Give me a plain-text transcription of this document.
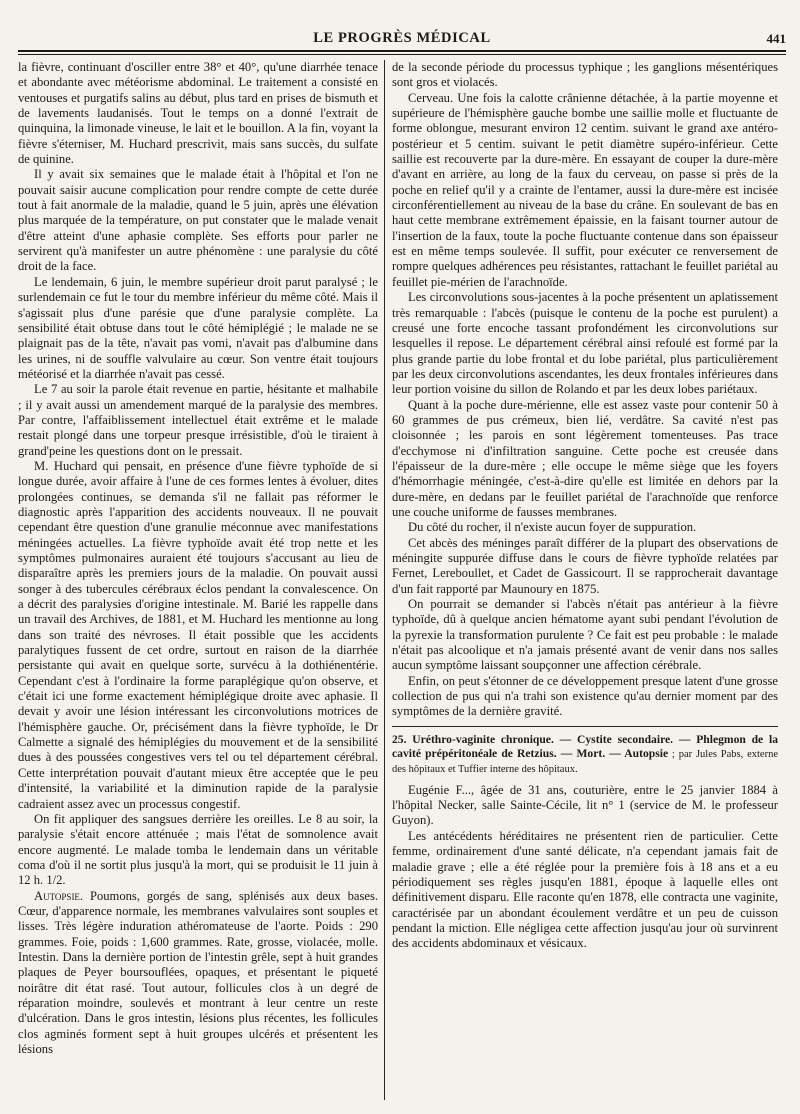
LE PROGRÈS MÉDICAL	441

la fièvre, continuant d'osciller entre 38° et 40°, qu'une diarrhée tenace et abondante avec météorisme abdominal. Le traitement a consisté en ventouses et purgatifs salins au début, plus tard en prises de bismuth et de lavements laudanisés. Tout le temps on a donné l'extrait de quinquina, la limonade vineuse, le lait et le bouillon. A la fin, voyant la fièvre s'éterniser, M. Huchard prescrivit, mais sans succès, du sulfate de quinine.

Il y avait six semaines que le malade était à l'hôpital et l'on ne pouvait saisir aucune complication pour rendre compte de cette durée tout à fait anormale de la maladie, quand le 5 juin, après une élévation plus marquée de la température, on put constater que le malade venait d'être atteint d'une aphasie complète. Ses efforts pour parler ne servirent qu'à manifester un autre phénomène : une paralysie du côté droit de la face.

Le lendemain, 6 juin, le membre supérieur droit parut paralysé ; le surlendemain ce fut le tour du membre inférieur du même côté. Mais il s'agissait plus d'une parésie que d'une paralysie complète. La sensibilité était obtuse dans tout le côté hémiplégié ; le malade ne se plaignait pas de la tête, n'avait pas vomi, n'avait pas d'albumine dans les urines, ni de souffle valvulaire au cœur. Son ventre était toujours météorisé et la diarrhée n'avait pas cessé.

Le 7 au soir la parole était revenue en partie, hésitante et malhabile ; il y avait aussi un amendement marqué de la paralysie des membres. Par contre, l'affaiblissement intellectuel était extrême et le malade restait plongé dans une torpeur presque irrésistible, d'où le tiraient à grand'peine les questions dont on le pressait.

M. Huchard qui pensait, en présence d'une fièvre typhoïde de si longue durée, avoir affaire à l'une de ces formes lentes à évoluer, dites prolongées continues, se demanda s'il ne fallait pas réformer le diagnostic après l'apparition des accidents nouveaux. Il ne pouvait cependant être question d'une granulie méconnue avec manifestations méningées actuelles. La fièvre typhoïde avait été trop nette et les symptômes pulmonaires auraient été toujours s'accusant au lieu de disparaître après les premiers jours de la maladie. On pouvait aussi songer à des tubercules cérébraux éclos pendant la convalescence. On a décrit des paralysies d'origine intestinale. M. Barié les rappelle dans un travail des Archives, de 1881, et M. Huchard les mentionne au long dans son traité des névroses. Il était possible que les accidents paralytiques fussent de cet ordre, surtout en raison de la diarrhée persistante qui avait en quelque sorte, survécu à la dothiénentérie. Cependant c'est à l'ordinaire la forme paraplégique qu'on observe, et c'était ici une forme exactement hémiplégique droite avec aphasie. Il devait y avoir une lésion intéressant les circonvolutions motrices de l'hémisphère gauche. Or, précisément dans la fièvre typhoïde, le Dr Calmette a signalé des hémiplégies du mouvement et de la sensibilité dues à des poussées congestives vers tel ou tel département cérébral. Cette interprétation pouvait d'autant mieux être acceptée que le peu d'intensité, la variabilité et la diminution rapide de la paralysie cadraient assez avec un processus congestif.

On fit appliquer des sangsues derrière les oreilles. Le 8 au soir, la paralysie s'était encore atténuée ; mais l'état de somnolence avait encore augmenté. Le malade tomba le lendemain dans un véritable coma d'où il ne sortit plus jusqu'à la mort, qui se produisit le 11 juin à 12 h. 1/2.

Autopsie. Poumons, gorgés de sang, splénisés aux deux bases. Cœur, d'apparence normale, les membranes valvulaires sont souples et lisses. Très légère induration athéromateuse de l'aorte. Poids : 290 grammes. Foie, poids : 1,600 grammes. Rate, grosse, violacée, molle. Intestin. Dans la dernière portion de l'intestin grêle, sept à huit grandes plaques de Peyer boursouflées, opaques, et présentant le piqueté noirâtre dit état rasé. Tout autour, follicules clos à un degré de réparation moindre, soulevés et montrant à leur centre un reste d'ulcération. Dans le gros intestin, lésions plus récentes, les follicules clos agminés forment sept à huit groupes ulcérés et présentent les lésions

de la seconde période du processus typhique ; les ganglions mésentériques sont gros et violacés.

Cerveau. Une fois la calotte crânienne détachée, à la partie moyenne et supérieure de l'hémisphère gauche bombe une saillie molle et fluctuante de forme oblongue, mesurant environ 12 centim. suivant le grand axe antéro-postérieur et 5 centim. suivant le petit diamètre supéro-inférieur. Cette saillie est recouverte par la dure-mère. En essayant de couper la dure-mère d'avant en arrière, au long de la faux du cerveau, on passe si près de la poche en relief qu'il y a crainte de l'entamer, aussi la dure-mère est incisée circonférentiellement au niveau de la base du crâne. En soulevant de bas en haut cette membrane extrêmement épaissie, en la faisant tourner autour de l'insertion de la faux, toute la poche fluctuante contenue dans son épaisseur est en même temps soulevée. Il suffit, pour exécuter ce renversement de rompre quelques adhérences peu résistantes, rattachant le feuillet pariétal au feuillet pie-mérien de l'arachnoïde.

Les circonvolutions sous-jacentes à la poche présentent un aplatissement très remarquable : l'abcès (puisque le contenu de la poche est purulent) a creusé une forte encoche tassant profondément les circonvolutions sur lesquelles il repose. Le département cérébral ainsi refoulé est formé par la plus grande partie du lobe frontal et du lobe pariétal, plus particulièrement par les deux circonvolutions ascendantes, les deux frontales inférieures dans leur portion voisine du sillon de Rolando et par les deux lobes pariétaux.

Quant à la poche dure-mérienne, elle est assez vaste pour contenir 50 à 60 grammes de pus crémeux, bien lié, verdâtre. Sa cavité n'est pas cloisonnée ; les parois en sont légèrement tomenteuses. Pas trace d'ecchymose ni d'infiltration sanguine. Cette poche est creusée dans l'épaisseur de la dure-mère ; elle occupe le même siège que les foyers d'hémorrhagie méningée, c'est-à-dire qu'elle est limitée en dehors par la dure-mère, en dedans par le feuillet pariétal de l'arachnoïde que renforce une couche uniforme de fausses membranes.

Du côté du rocher, il n'existe aucun foyer de suppuration.

Cet abcès des méninges paraît différer de la plupart des observations de méningite suppurée diffuse dans le cours de fièvre typhoïde relatées par Fernet, Lereboullet, et Cadet de Gassicourt. Il se rapprocherait davantage d'un fait rapporté par Maunoury en 1875.

On pourrait se demander si l'abcès n'était pas antérieur à la fièvre typhoïde, dû à quelque ancien hématome ayant subi pendant l'évolution de la pyrexie la transformation purulente ? Ce fait est peu probable : le malade n'était pas alcoolique et n'a jamais présenté avant de venir dans nos salles aucun symptôme laissant soupçonner une affection cérébrale.

Enfin, on peut s'étonner de ce développement presque latent d'une grosse collection de pus qui n'a trahi son existence qu'au dernier moment par des symptômes de la dernière gravité.

25. Uréthro-vaginite chronique. — Cystite secondaire. — Phlegmon de la cavité prépéritonéale de Retzius. — Mort. — Autopsie ; par Jules Pabs, externe des hôpitaux et Tuffier interne des hôpitaux.

Eugénie F..., âgée de 31 ans, couturière, entre le 25 janvier 1884 à l'hôpital Necker, salle Sainte-Cécile, lit n° 1 (service de M. le professeur Guyon).

Les antécédents héréditaires ne présentent rien de particulier. Cette femme, ordinairement d'une santé délicate, n'a cependant jamais fait de maladie grave ; elle a été réglée pour la première fois à 18 ans et a eu périodiquement ses règles jusqu'en 1881, époque à laquelle elles ont définitivement disparu. Elle raconte qu'en 1878, elle contracta une vaginite, caractérisée par un abondant écoulement verdâtre et un peu de cuisson pendant la miction. Elle négligea cette affection jusqu'au jour où survinrent des accidents abdominaux et vésicaux.
